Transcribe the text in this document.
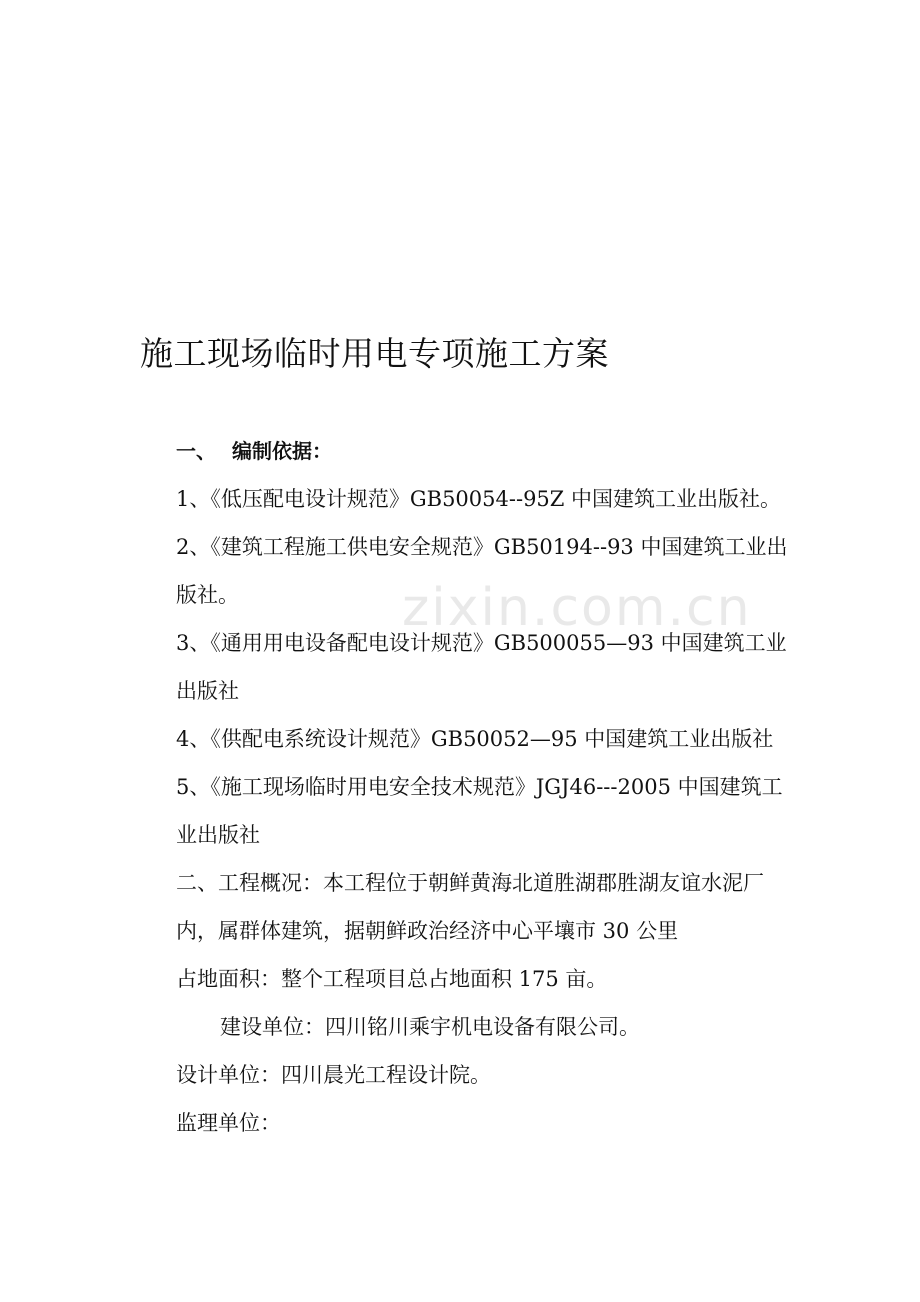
zixin.com.cn
施工现场临时用电专项施工方案
一、 编制依据：
1、《低压配电设计规范》GB50054--95Z 中国建筑工业出版社。
2、《建筑工程施工供电安全规范》GB50194--93 中国建筑工业出
版社。
3、《通用用电设备配电设计规范》GB500055—93 中国建筑工业
出版社
4、《供配电系统设计规范》GB50052—95 中国建筑工业出版社
5、《施工现场临时用电安全技术规范》JGJ46---2005 中国建筑工
业出版社
二、工程概况：本工程位于朝鲜黄海北道胜湖郡胜湖友谊水泥厂
内，属群体建筑，据朝鲜政治经济中心平壤市 30 公里
占地面积：整个工程项目总占地面积 175 亩。
建设单位：四川铭川乘宇机电设备有限公司。
设计单位：四川晨光工程设计院。
监理单位：
